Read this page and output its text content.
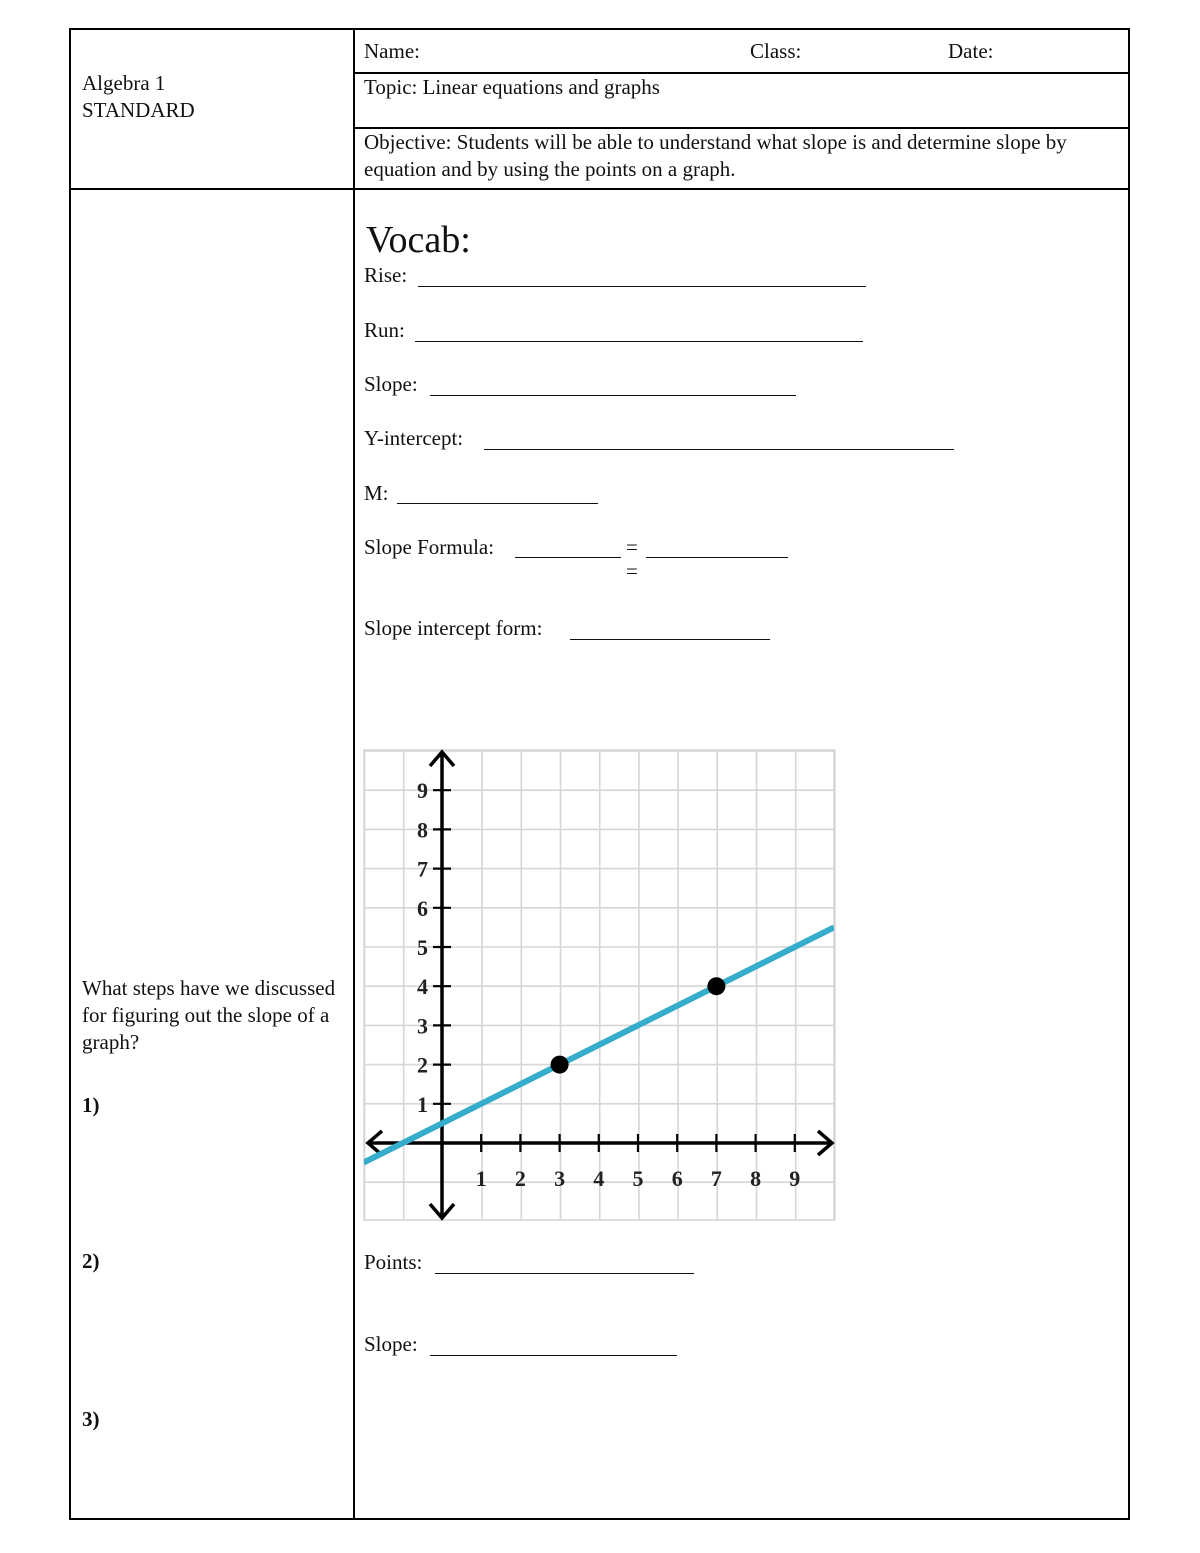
Algebra 1
STANDARD
Name:	Class:	Date:
Topic: Linear equations and graphs
Objective: Students will be able to understand what slope is and determine slope by equation and by using the points on a graph.
What steps have we discussed for figuring out the slope of a graph?
1)
2)
3)
Vocab:
Rise:
Run:
Slope:
Y-intercept:
M:
Slope Formula:	=
=
Slope intercept form:
1 2 3 4 5 6 7 8 9
1
2
3
4
5
6
7
8
9
Points:
Slope:
